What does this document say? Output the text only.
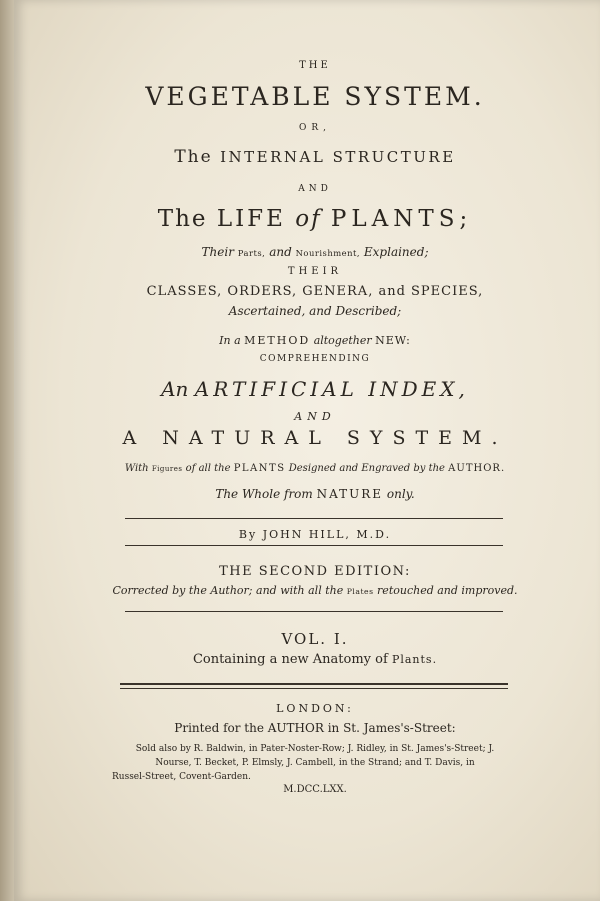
THE
VEGETABLE SYSTEM.
OR,
The INTERNAL STRUCTURE
AND
The LIFE of PLANTS;
Their Parts, and Nourishment, Explained;
THEIR
CLASSES, ORDERS, GENERA, and SPECIES,
Ascertained, and Described;
In a METHOD altogether NEW:
COMPREHENDING
An ARTIFICIAL INDEX,
AND
A NATURAL SYSTEM.
With Figures of all the PLANTS Designed and Engraved by the AUTHOR.
The Whole from NATURE only.
By JOHN HILL, M.D.
THE SECOND EDITION:
Corrected by the Author; and with all the Plates retouched and improved.
VOL. I.
Containing a new Anatomy of Plants.
LONDON:
Printed for the AUTHOR in St. James's-Street:
Sold also by R. Baldwin, in Pater-Noster-Row; J. Ridley, in St. James's-Street; J.
Nourse, T. Becket, P. Elmsly, J. Cambell, in the Strand; and T. Davis, in
Russel-Street, Covent-Garden.
M.DCC.LXX.
